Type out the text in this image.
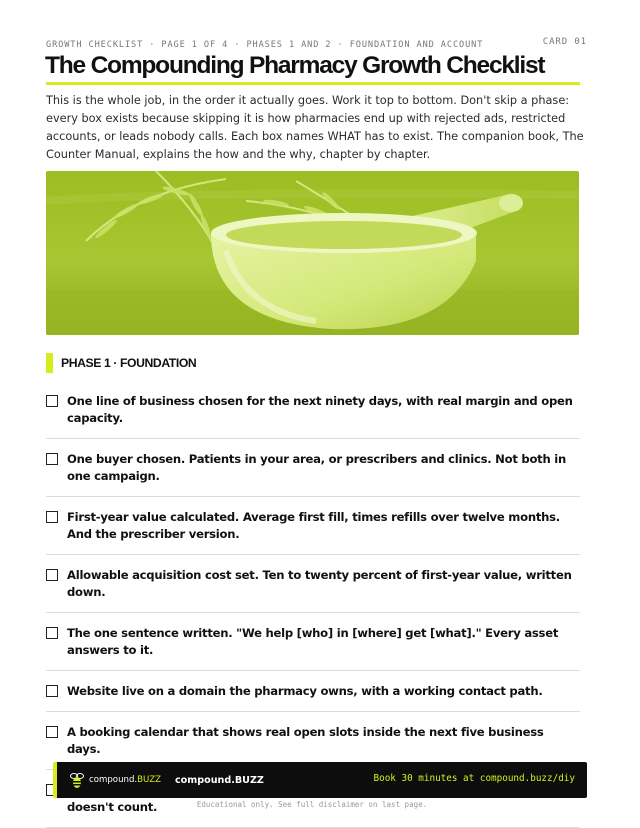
GROWTH CHECKLIST · PAGE 1 OF 4 · PHASES 1 AND 2 · FOUNDATION AND ACCOUNT	CARD 01
The Compounding Pharmacy Growth Checklist

This is the whole job, in the order it actually goes. Work it top to bottom. Don't skip a phase: every box exists because skipping it is how pharmacies end up with rejected ads, restricted accounts, or leads nobody calls. Each box names WHAT has to exist. The companion book, The Counter Manual, explains the how and the why, chapter by chapter.

PHASE 1 · FOUNDATION
One line of business chosen for the next ninety days, with real margin and open capacity.
One buyer chosen. Patients in your area, or prescribers and clinics. Not both in one campaign.
First-year value calculated. Average first fill, times refills over twelve months. And the prescriber version.
Allowable acquisition cost set. Ten to twenty percent of first-year value, written down.
The one sentence written. "We help [who] in [where] get [what]." Every asset answers to it.
Website live on a domain the pharmacy owns, with a working contact path.
A booking calendar that shows real open slots inside the next five business days.
doesn't count.
compound.BUZZ compound.BUZZ	Book 30 minutes at compound.buzz/diy
Educational only. See full disclaimer on last page.
